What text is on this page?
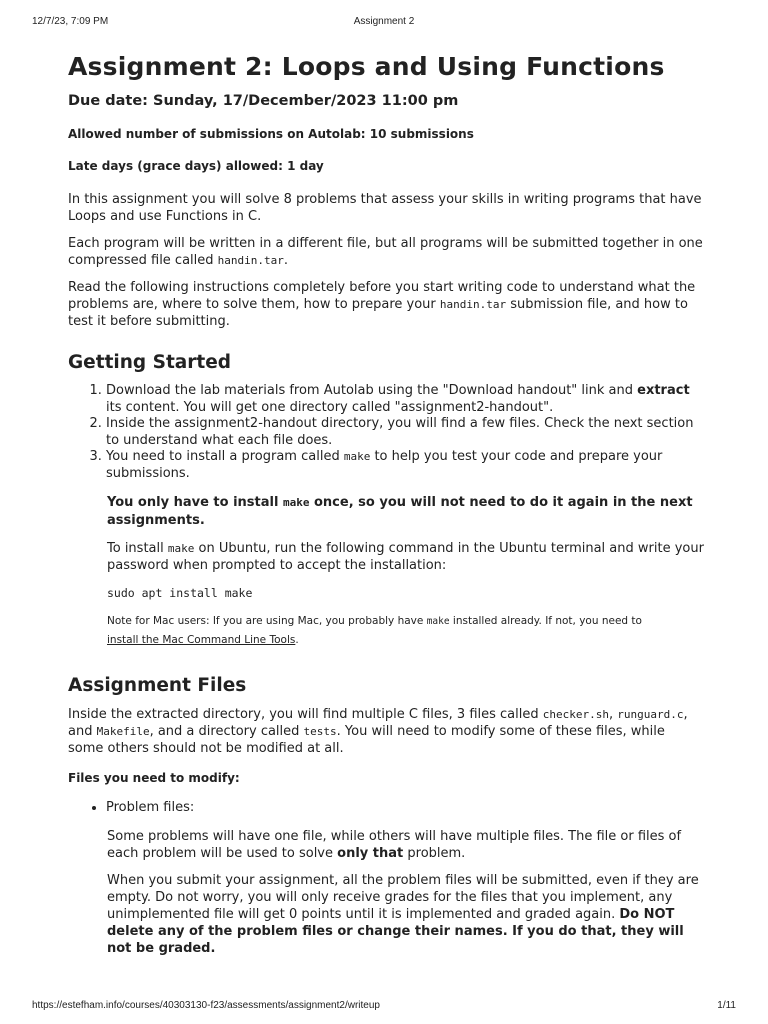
12/7/23, 7:09 PM	Assignment 2
Assignment 2: Loops and Using Functions
Due date: Sunday, 17/December/2023 11:00 pm
Allowed number of submissions on Autolab: 10 submissions
Late days (grace days) allowed: 1 day

In this assignment you will solve 8 problems that assess your skills in writing programs that have Loops and use Functions in C.

Each program will be written in a different file, but all programs will be submitted together in one compressed file called handin.tar.

Read the following instructions completely before you start writing code to understand what the problems are, where to solve them, how to prepare your handin.tar submission file, and how to test it before submitting.

Getting Started
1. Download the lab materials from Autolab using the "Download handout" link and extract its content. You will get one directory called "assignment2-handout".
2. Inside the assignment2-handout directory, you will find a few files. Check the next section to understand what each file does.
3. You need to install a program called make to help you test your code and prepare your submissions.
You only have to install make once, so you will not need to do it again in the next assignments.

To install make on Ubuntu, run the following command in the Ubuntu terminal and write your password when prompted to accept the installation:

sudo apt install make
Note for Mac users: If you are using Mac, you probably have make installed already. If not, you need to
install the Mac Command Line Tools.
Assignment Files

Inside the extracted directory, you will find multiple C files, 3 files called checker.sh, runguard.c, and Makefile, and a directory called tests. You will need to modify some of these files, while some others should not be modified at all.

Files you need to modify:
• Problem files:

Some problems will have one file, while others will have multiple files. The file or files of each problem will be used to solve only that problem.

When you submit your assignment, all the problem files will be submitted, even if they are empty. Do not worry, you will only receive grades for the files that you implement, any unimplemented file will get 0 points until it is implemented and graded again. Do NOT delete any of the problem files or change their names. If you do that, they will not be graded.

https://estefham.info/courses/40303130-f23/assessments/assignment2/writeup	1/11
